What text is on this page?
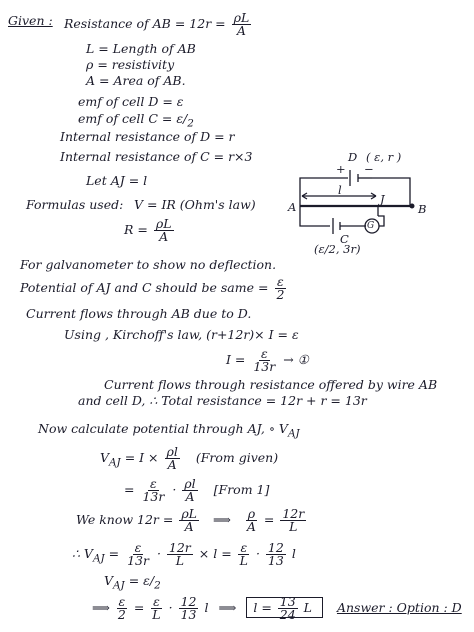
Given : Resistance of AB = $12r = \frac{\rho L}{A}$
L = Length of AB
ρ = resistivity
A = Area of AB.
emf of cell D = ε
emf of cell $C = \varepsilon/_2$
Internal resistance of D = r
Internal resistance of C = r×3
Let AJ = l
D ( ε, r )
+ −
l
A	B
J
C
(ε/2, 3r)
G
Formulas used: V = IR (Ohm's law)
$R = \frac{\rho L}{A}$
For galvanometer to show no deflection.
Potential of AJ and C should be same = $\frac{\varepsilon}{2}$
Current flows through AB due to D.
Using , Kirchoff's law, (r+12r)× I = ε
$I = \frac{\varepsilon}{13r}$ → ①
Current flows through resistance offered by wire AB
and cell D, ∴ Total resistance = 12r + r = 13r
Now calculate potential through AJ, ∘ $V_{AJ}$
$V_{AJ} = I \times \frac{\rho l}{A}$ (From given)
= $\frac{\varepsilon}{13r} \cdot \frac{\rho l}{A}$ [From 1]
We know $12r = \frac{\rho L}{A}$ ⟹ $\frac{\rho}{A} = \frac{12r}{L}$
∴ $V_{AJ} = \frac{\varepsilon}{13r} \cdot \frac{12r}{L} \times l = \frac{\varepsilon}{L} \cdot \frac{12}{13}$ l
$V_{AJ} = \varepsilon/_2$
⟹ $\frac{\varepsilon}{2} = \frac{\varepsilon}{L} \cdot \frac{12}{13}$ l ⟹ $l = \frac{13}{24}$ L Answer : Option : D
